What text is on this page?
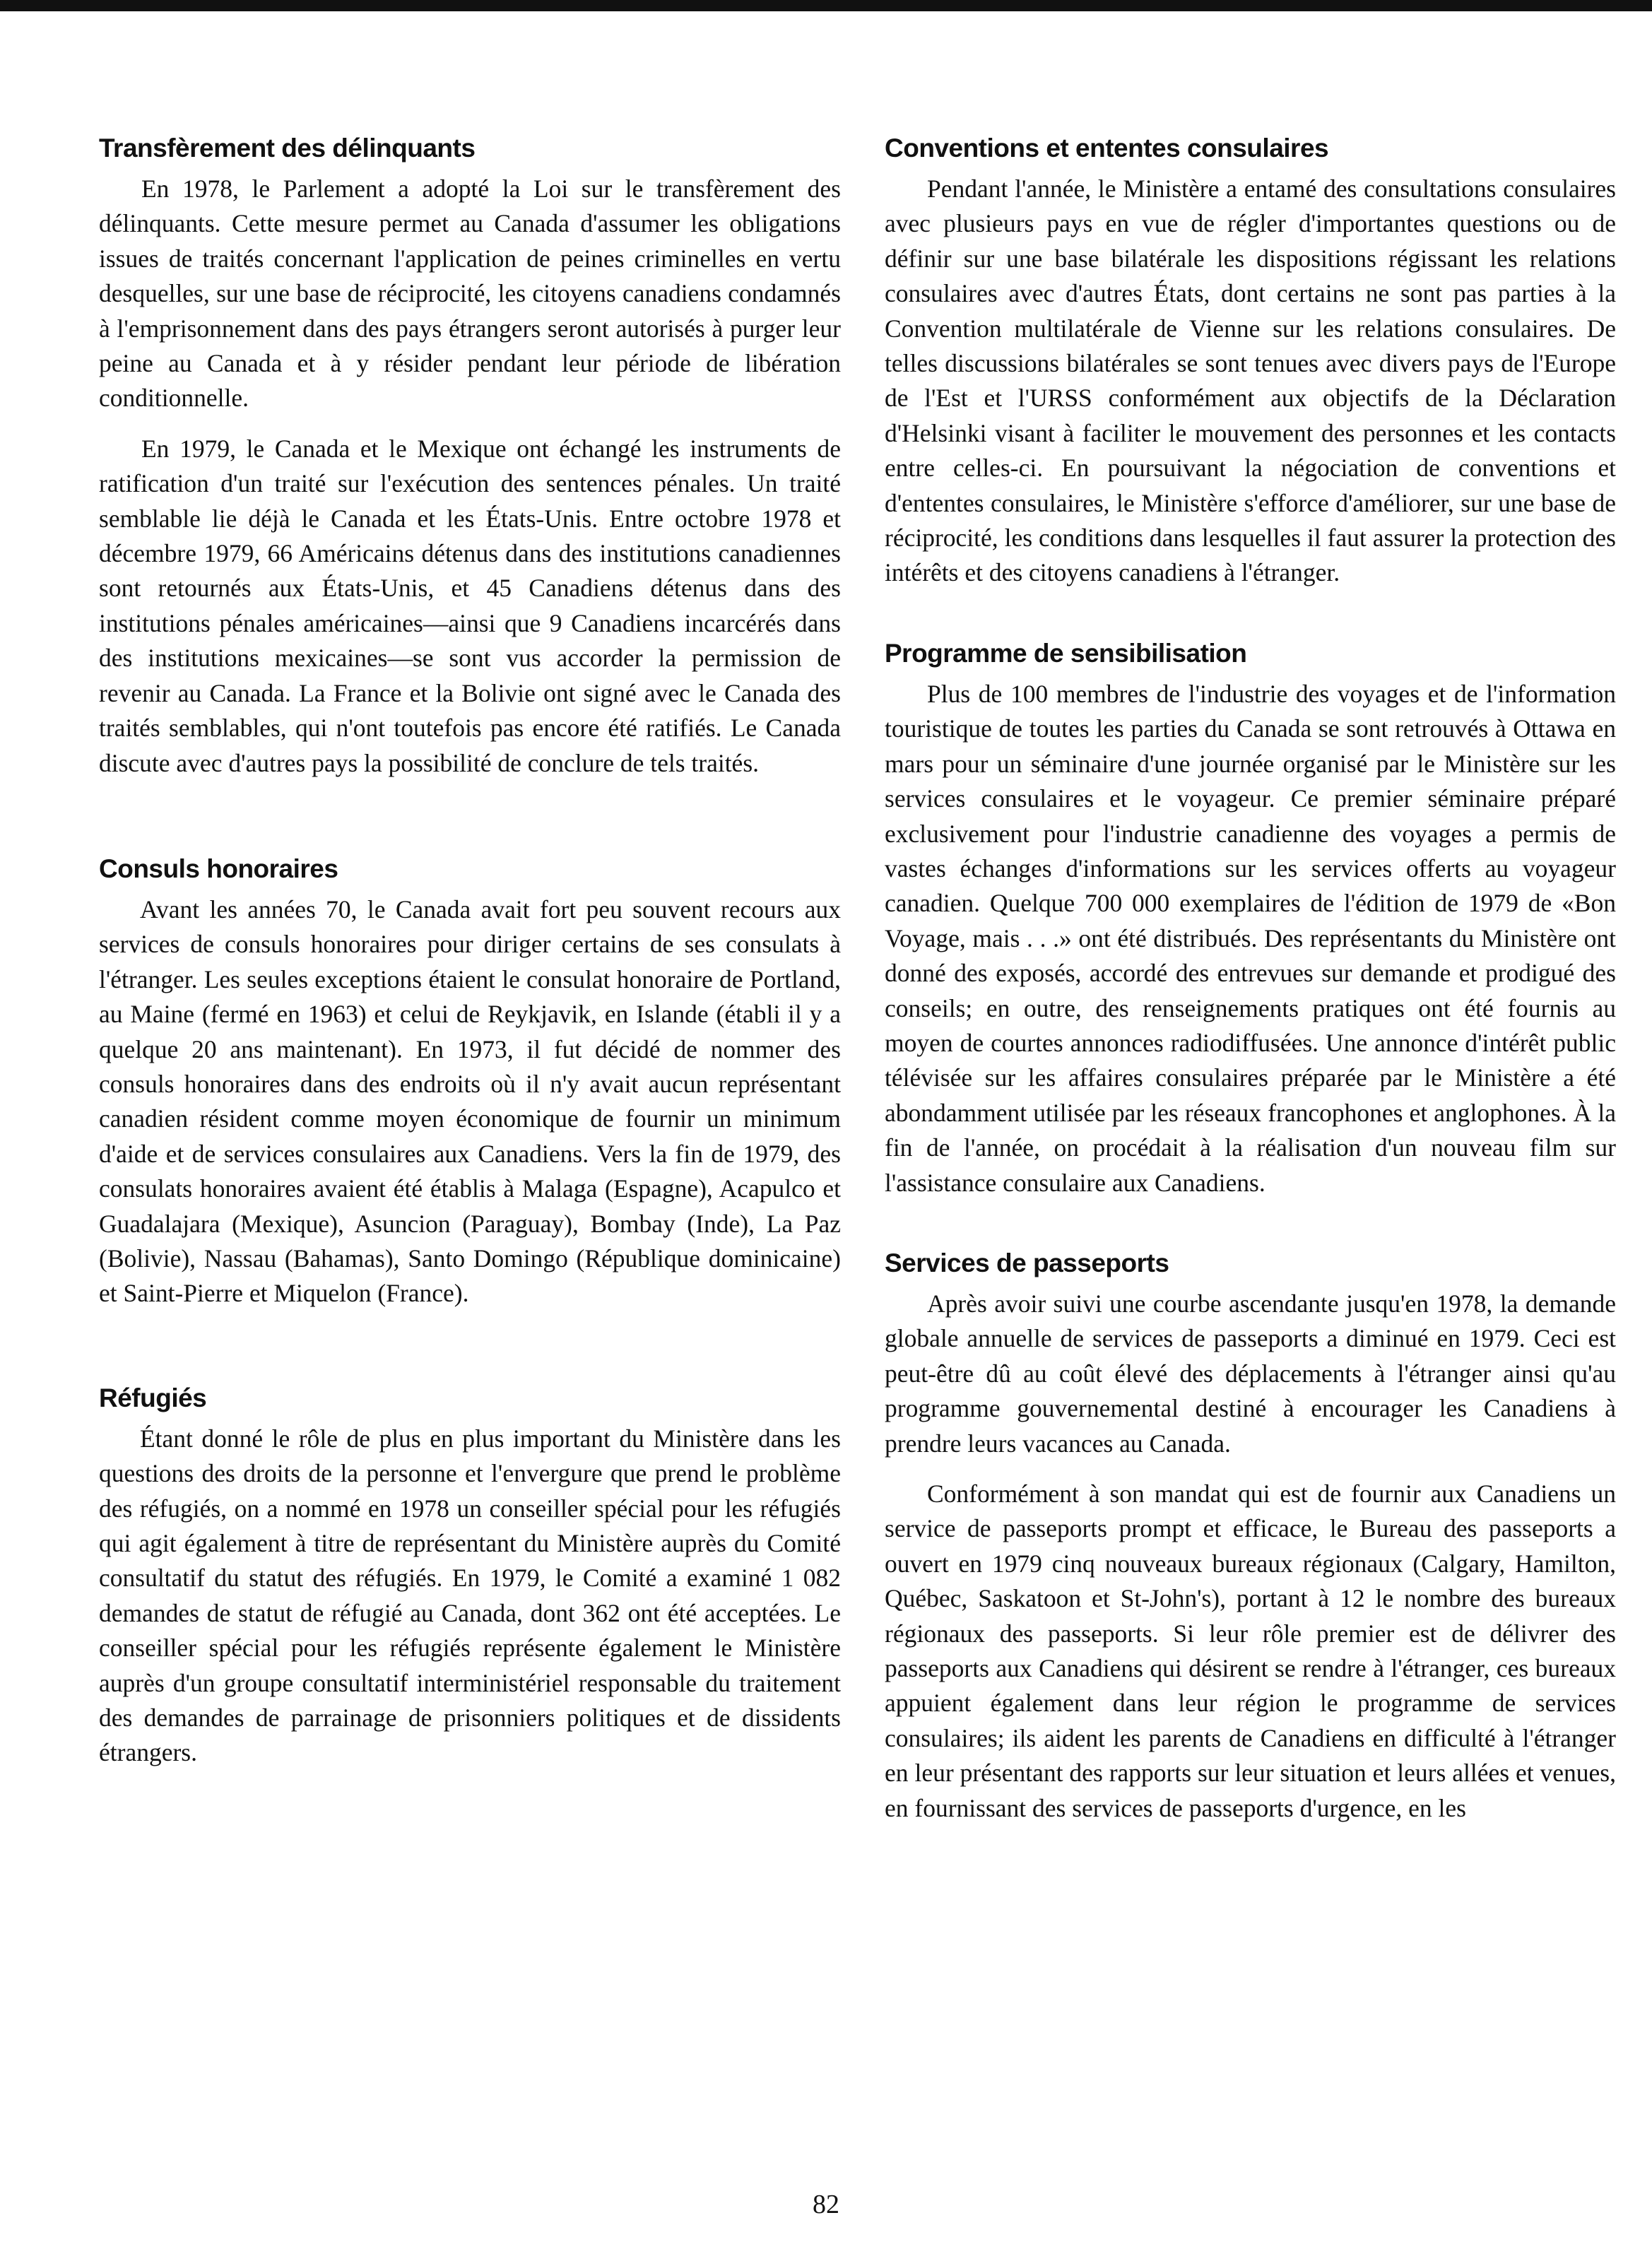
Transfèrement des délinquants

En 1978, le Parlement a adopté la Loi sur le transfèrement des délinquants. Cette mesure permet au Canada d'assumer les obligations issues de traités concernant l'application de peines criminelles en vertu desquelles, sur une base de réciprocité, les citoyens canadiens condamnés à l'emprisonnement dans des pays étrangers seront autorisés à purger leur peine au Canada et à y résider pendant leur période de libération conditionnelle.

En 1979, le Canada et le Mexique ont échangé les instruments de ratification d'un traité sur l'exécution des sentences pénales. Un traité semblable lie déjà le Canada et les États-Unis. Entre octobre 1978 et décembre 1979, 66 Américains détenus dans des institutions canadiennes sont retournés aux États-Unis, et 45 Canadiens détenus dans des institutions pénales américaines—ainsi que 9 Canadiens incarcérés dans des institutions mexicaines—se sont vus accorder la permission de revenir au Canada. La France et la Bolivie ont signé avec le Canada des traités semblables, qui n'ont toutefois pas encore été ratifiés. Le Canada discute avec d'autres pays la possibilité de conclure de tels traités.

Consuls honoraires

Avant les années 70, le Canada avait fort peu souvent recours aux services de consuls honoraires pour diriger certains de ses consulats à l'étranger. Les seules exceptions étaient le consulat honoraire de Portland, au Maine (fermé en 1963) et celui de Reykjavik, en Islande (établi il y a quelque 20 ans maintenant). En 1973, il fut décidé de nommer des consuls honoraires dans des endroits où il n'y avait aucun représentant canadien résident comme moyen économique de fournir un minimum d'aide et de services consulaires aux Canadiens. Vers la fin de 1979, des consulats honoraires avaient été établis à Malaga (Espagne), Acapulco et Guadalajara (Mexique), Asuncion (Paraguay), Bombay (Inde), La Paz (Bolivie), Nassau (Bahamas), Santo Domingo (République dominicaine) et Saint-Pierre et Miquelon (France).

Réfugiés

Étant donné le rôle de plus en plus important du Ministère dans les questions des droits de la personne et l'envergure que prend le problème des réfugiés, on a nommé en 1978 un conseiller spécial pour les réfugiés qui agit également à titre de représentant du Ministère auprès du Comité consultatif du statut des réfugiés. En 1979, le Comité a examiné 1 082 demandes de statut de réfugié au Canada, dont 362 ont été acceptées. Le conseiller spécial pour les réfugiés représente également le Ministère auprès d'un groupe consultatif interministériel responsable du traitement des demandes de parrainage de prisonniers politiques et de dissidents étrangers.

Conventions et ententes consulaires

Pendant l'année, le Ministère a entamé des consultations consulaires avec plusieurs pays en vue de régler d'importantes questions ou de définir sur une base bilatérale les dispositions régissant les relations consulaires avec d'autres États, dont certains ne sont pas parties à la Convention multilatérale de Vienne sur les relations consulaires. De telles discussions bilatérales se sont tenues avec divers pays de l'Europe de l'Est et l'URSS conformément aux objectifs de la Déclaration d'Helsinki visant à faciliter le mouvement des personnes et les contacts entre celles-ci. En poursuivant la négociation de conventions et d'ententes consulaires, le Ministère s'efforce d'améliorer, sur une base de réciprocité, les conditions dans lesquelles il faut assurer la protection des intérêts et des citoyens canadiens à l'étranger.

Programme de sensibilisation

Plus de 100 membres de l'industrie des voyages et de l'information touristique de toutes les parties du Canada se sont retrouvés à Ottawa en mars pour un séminaire d'une journée organisé par le Ministère sur les services consulaires et le voyageur. Ce premier séminaire préparé exclusivement pour l'industrie canadienne des voyages a permis de vastes échanges d'informations sur les services offerts au voyageur canadien. Quelque 700 000 exemplaires de l'édition de 1979 de «Bon Voyage, mais . . .» ont été distribués. Des représentants du Ministère ont donné des exposés, accordé des entrevues sur demande et prodigué des conseils; en outre, des renseignements pratiques ont été fournis au moyen de courtes annonces radiodiffusées. Une annonce d'intérêt public télévisée sur les affaires consulaires préparée par le Ministère a été abondamment utilisée par les réseaux francophones et anglophones. À la fin de l'année, on procédait à la réalisation d'un nouveau film sur l'assistance consulaire aux Canadiens.

Services de passeports

Après avoir suivi une courbe ascendante jusqu'en 1978, la demande globale annuelle de services de passeports a diminué en 1979. Ceci est peut-être dû au coût élevé des déplacements à l'étranger ainsi qu'au programme gouvernemental destiné à encourager les Canadiens à prendre leurs vacances au Canada.

Conformément à son mandat qui est de fournir aux Canadiens un service de passeports prompt et efficace, le Bureau des passeports a ouvert en 1979 cinq nouveaux bureaux régionaux (Calgary, Hamilton, Québec, Saskatoon et St-John's), portant à 12 le nombre des bureaux régionaux des passeports. Si leur rôle premier est de délivrer des passeports aux Canadiens qui désirent se rendre à l'étranger, ces bureaux appuient également dans leur région le programme de services consulaires; ils aident les parents de Canadiens en difficulté à l'étranger en leur présentant des rapports sur leur situation et leurs allées et venues, en fournissant des services de passeports d'urgence, en les

82
